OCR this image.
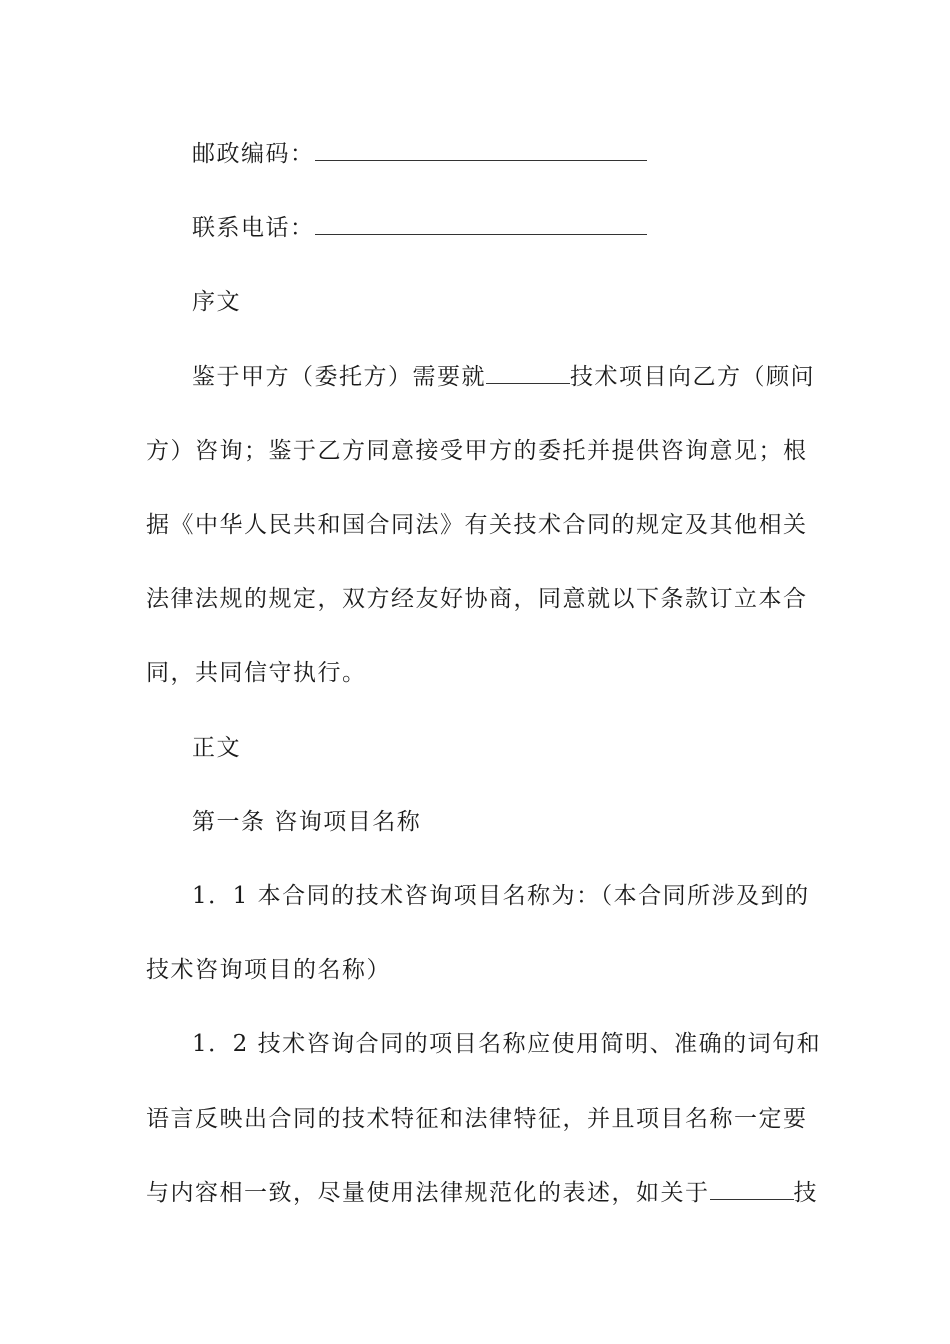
邮政编码：
联系电话：
序文
鉴于甲方（委托方）需要就	技术项目向乙方（顾问
方）咨询；鉴于乙方同意接受甲方的委托并提供咨询意见；根
据《中华人民共和国合同法》有关技术合同的规定及其他相关
法律法规的规定，双方经友好协商，同意就以下条款订立本合
同，共同信守执行。
正文
第一条 咨询项目名称
1．1 本合同的技术咨询项目名称为：（本合同所涉及到的
技术咨询项目的名称）
1．2 技术咨询合同的项目名称应使用简明、准确的词句和
语言反映出合同的技术特征和法律特征，并且项目名称一定要
与内容相一致，尽量使用法律规范化的表述，如关于	技
